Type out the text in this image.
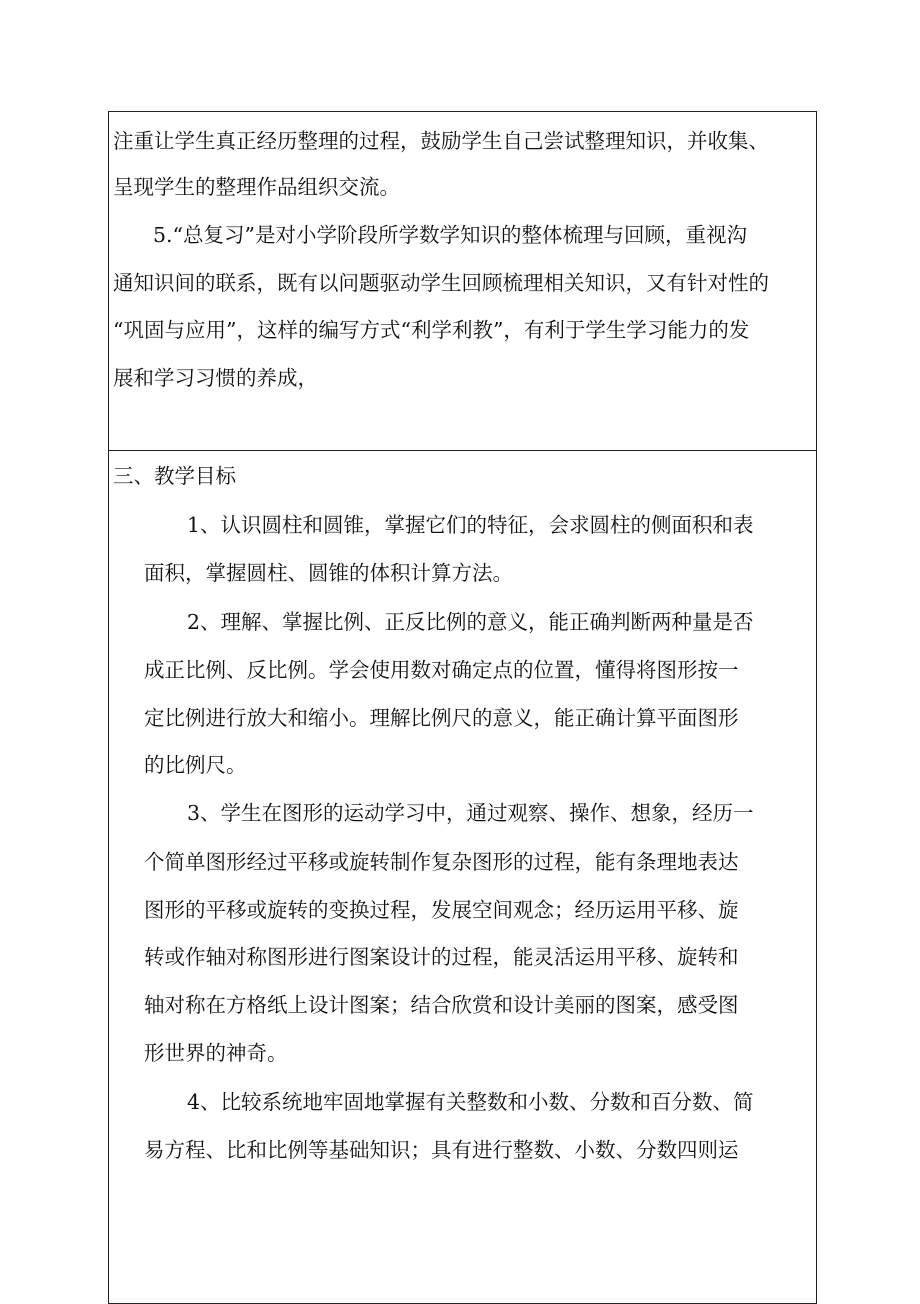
注重让学生真正经历整理的过程，鼓励学生自己尝试整理知识，并收集、
呈现学生的整理作品组织交流。
5.“总复习”是对小学阶段所学数学知识的整体梳理与回顾，重视沟
通知识间的联系，既有以问题驱动学生回顾梳理相关知识，又有针对性的
“巩固与应用”，这样的编写方式“利学利教”，有利于学生学习能力的发
展和学习习惯的养成，
三、教学目标
1、认识圆柱和圆锥，掌握它们的特征，会求圆柱的侧面积和表
面积，掌握圆柱、圆锥的体积计算方法。
2、理解、掌握比例、正反比例的意义，能正确判断两种量是否
成正比例、反比例。学会使用数对确定点的位置，懂得将图形按一
定比例进行放大和缩小。理解比例尺的意义，能正确计算平面图形
的比例尺。
3、学生在图形的运动学习中，通过观察、操作、想象，经历一
个简单图形经过平移或旋转制作复杂图形的过程，能有条理地表达
图形的平移或旋转的变换过程，发展空间观念；经历运用平移、旋
转或作轴对称图形进行图案设计的过程，能灵活运用平移、旋转和
轴对称在方格纸上设计图案；结合欣赏和设计美丽的图案，感受图
形世界的神奇。
4、比较系统地牢固地掌握有关整数和小数、分数和百分数、简
易方程、比和比例等基础知识；具有进行整数、小数、分数四则运
